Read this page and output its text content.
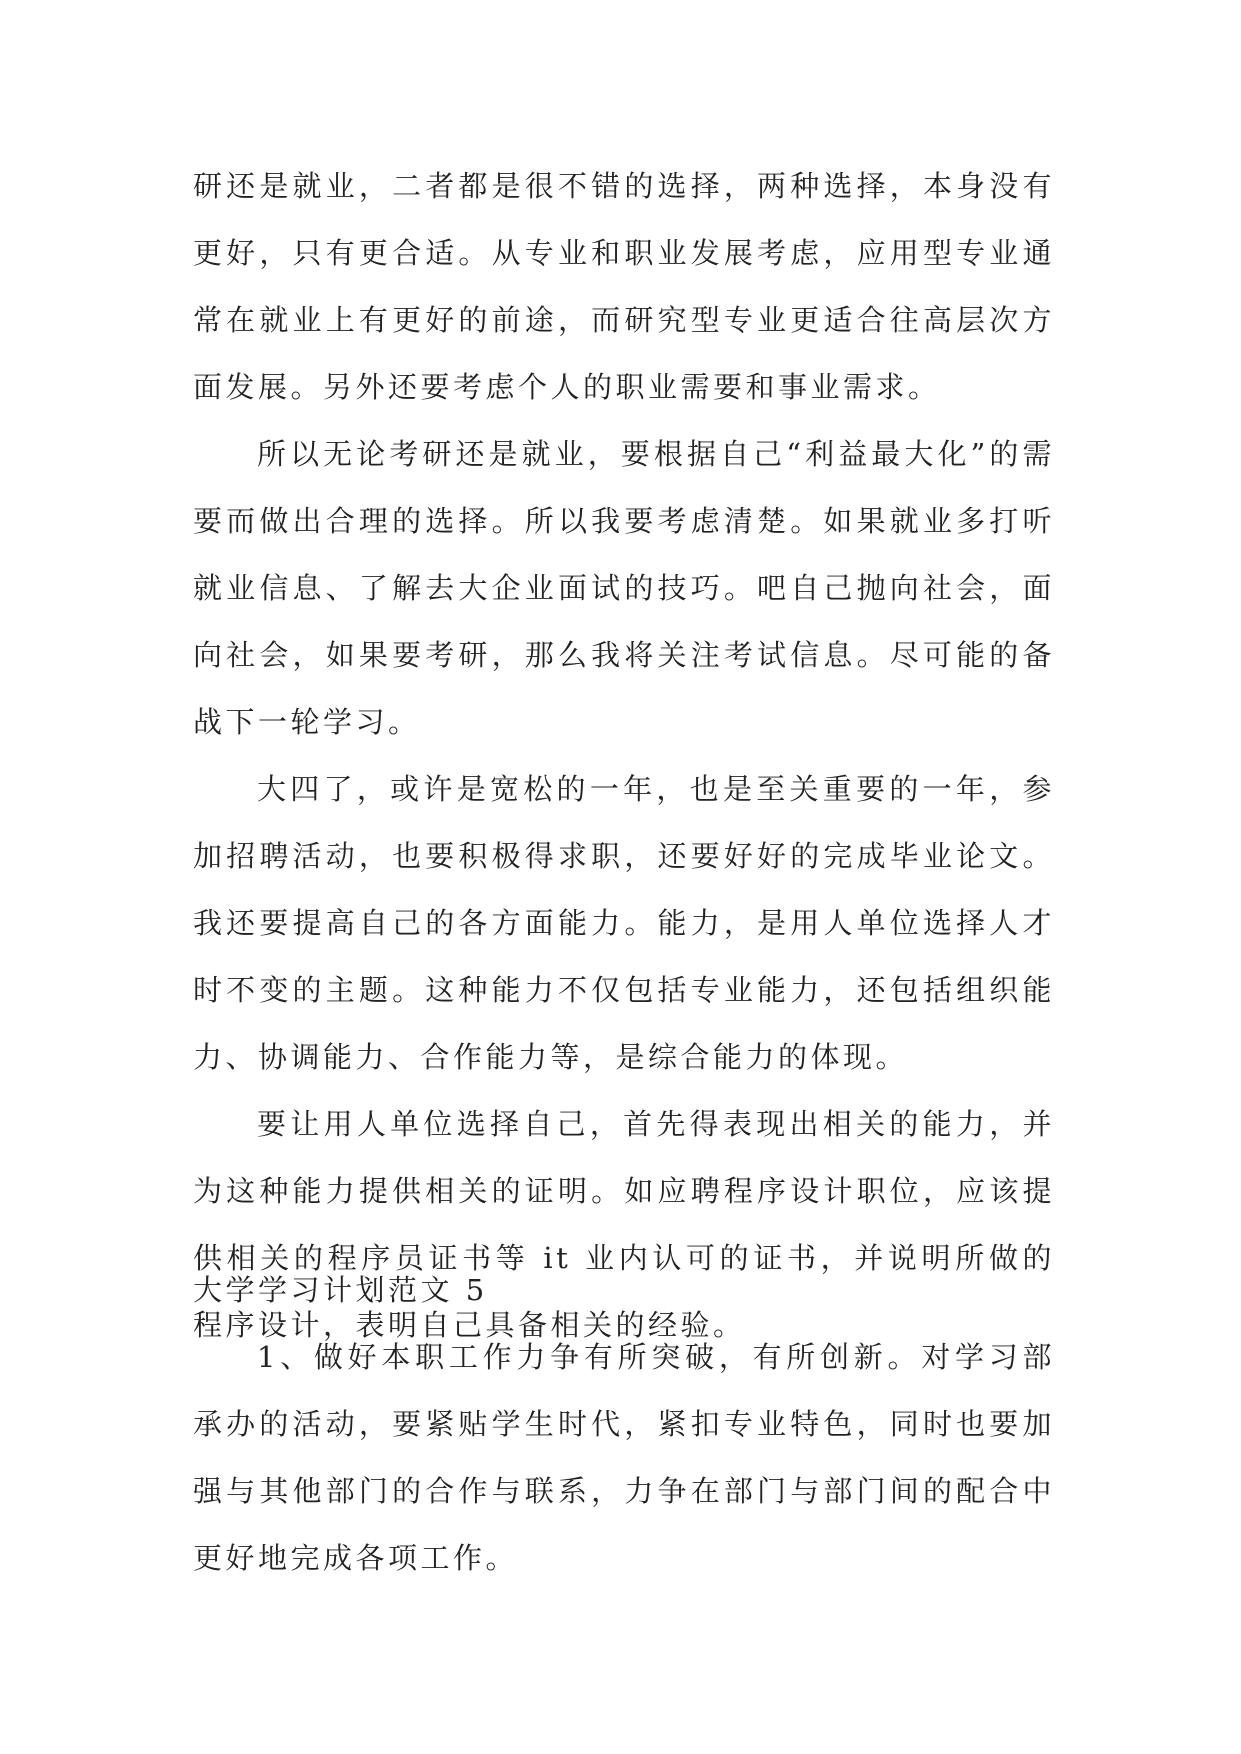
研还是就业，二者都是很不错的选择，两种选择，本身没有更好，只有更合适。从专业和职业发展考虑，应用型专业通常在就业上有更好的前途，而研究型专业更适合往高层次方面发展。另外还要考虑个人的职业需要和事业需求。

所以无论考研还是就业，要根据自己“利益最大化”的需要而做出合理的选择。所以我要考虑清楚。如果就业多打听就业信息、了解去大企业面试的技巧。吧自己抛向社会，面向社会，如果要考研，那么我将关注考试信息。尽可能的备战下一轮学习。

大四了，或许是宽松的一年，也是至关重要的一年，参加招聘活动，也要积极得求职，还要好好的完成毕业论文。我还要提高自己的各方面能力。能力，是用人单位选择人才时不变的主题。这种能力不仅包括专业能力，还包括组织能力、协调能力、合作能力等，是综合能力的体现。

要让用人单位选择自己，首先得表现出相关的能力，并为这种能力提供相关的证明。如应聘程序设计职位，应该提供相关的程序员证书等 it 业内认可的证书，并说明所做的程序设计，表明自己具备相关的经验。

大学学习计划范文 5

1、做好本职工作力争有所突破，有所创新。对学习部承办的活动，要紧贴学生时代，紧扣专业特色，同时也要加强与其他部门的合作与联系，力争在部门与部门间的配合中更好地完成各项工作。
